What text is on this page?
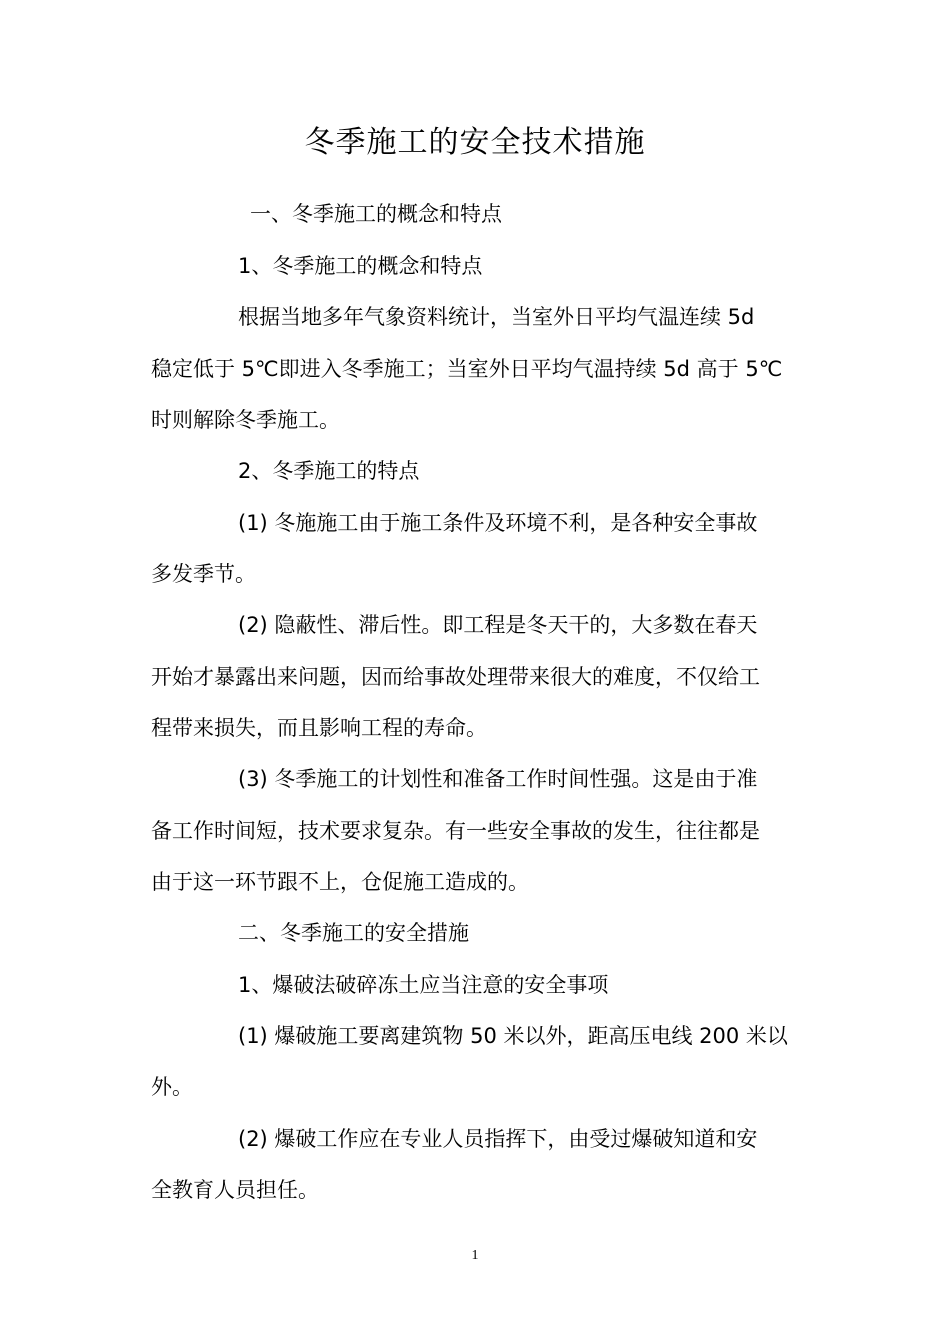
冬季施工的安全技术措施
一、冬季施工的概念和特点
1、冬季施工的概念和特点
根据当地多年气象资料统计，当室外日平均气温连续 5d
稳定低于 5℃即进入冬季施工；当室外日平均气温持续 5d 高于 5℃
时则解除冬季施工。
2、冬季施工的特点
(1) 冬施施工由于施工条件及环境不利，是各种安全事故
多发季节。
(2) 隐蔽性、滞后性。即工程是冬天干的，大多数在春天
开始才暴露出来问题，因而给事故处理带来很大的难度，不仅给工
程带来损失，而且影响工程的寿命。
(3) 冬季施工的计划性和准备工作时间性强。这是由于准
备工作时间短，技术要求复杂。有一些安全事故的发生，往往都是
由于这一环节跟不上，仓促施工造成的。
二、冬季施工的安全措施
1、爆破法破碎冻土应当注意的安全事项
(1) 爆破施工要离建筑物 50 米以外，距高压电线 200 米以
外。
(2) 爆破工作应在专业人员指挥下，由受过爆破知道和安
全教育人员担任。
1
